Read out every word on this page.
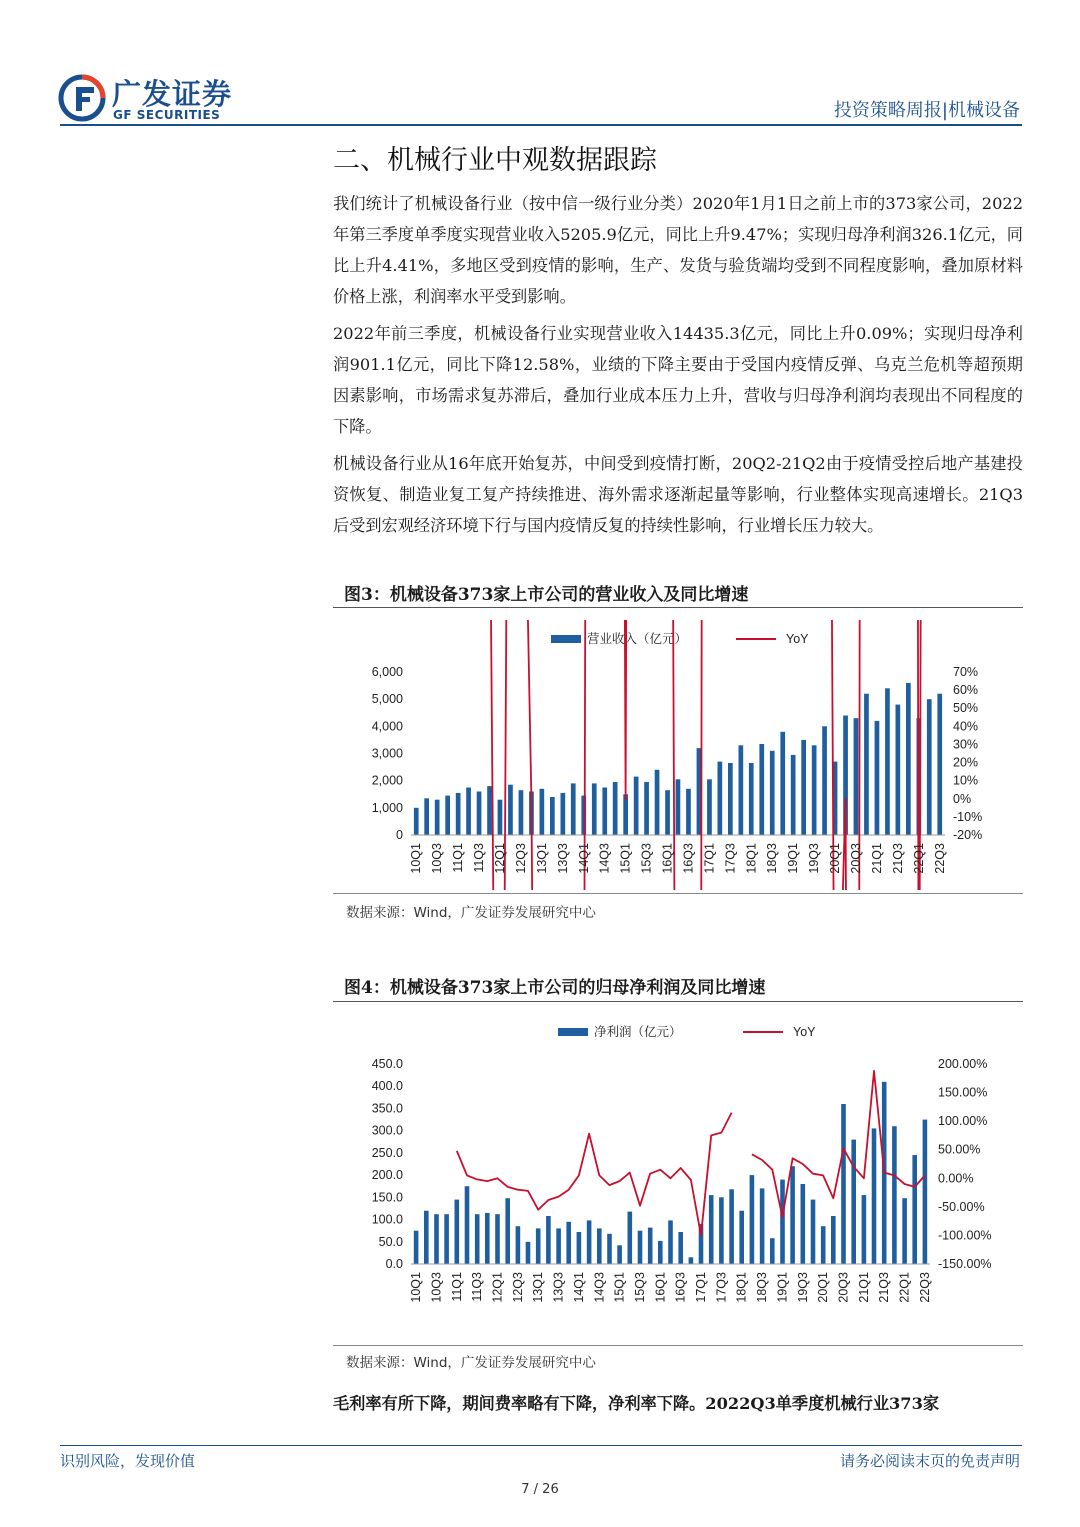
广发证券
GF SECURITIES	投资策略周报|机械设备
二、机械行业中观数据跟踪
我们统计了机械设备行业（按中信一级行业分类）2020年1月1日之前上市的373家公司，2022年第三季度单季度实现营业收入5205.9亿元，同比上升9.47%；实现归母净利润326.1亿元，同比上升4.41%，多地区受到疫情的影响，生产、发货与验货端均受到不同程度影响，叠加原材料价格上涨，利润率水平受到影响。
2022年前三季度，机械设备行业实现营业收入14435.3亿元，同比上升0.09%；实现归母净利润901.1亿元，同比下降12.58%，业绩的下降主要由于受国内疫情反弹、乌克兰危机等超预期因素影响，市场需求复苏滞后，叠加行业成本压力上升，营收与归母净利润均表现出不同程度的下降。
机械设备行业从16年底开始复苏，中间受到疫情打断，20Q2-21Q2由于疫情受控后地产基建投资恢复、制造业复工复产持续推进、海外需求逐渐起量等影响，行业整体实现高速增长。21Q3后受到宏观经济环境下行与国内疫情反复的持续性影响，行业增长压力较大。
图3：机械设备373家上市公司的营业收入及同比增速
营业收入（亿元）	YoY
0
1,000
2,000
3,000
4,000
5,000
6,000
-20%
-10%
0%
10%
20%
30%
40%
50%
60%
70%
10Q1 10Q3 11Q1 11Q3 12Q1 12Q3 13Q1 13Q3 14Q1 14Q3 15Q1 15Q3 16Q1 16Q3 17Q1 17Q3 18Q1 18Q3 19Q1 19Q3 20Q1 20Q3 21Q1 21Q3 22Q1 22Q3
数据来源：Wind，广发证券发展研究中心
图4：机械设备373家上市公司的归母净利润及同比增速
净利润（亿元）	YoY
0.0
50.0
100.0
150.0
200.0
250.0
300.0
350.0
400.0
450.0
-150.00%
-100.00%
-50.00%
0.00%
50.00%
100.00%
150.00%
200.00%
10Q1 10Q3 11Q1 11Q3 12Q1 12Q3 13Q1 13Q3 14Q1 14Q3 15Q1 15Q3 16Q1 16Q3 17Q1 17Q3 18Q1 18Q3 19Q1 19Q3 20Q1 20Q3 21Q1 21Q3 22Q1 22Q3
数据来源：Wind，广发证券发展研究中心
毛利率有所下降，期间费率略有下降，净利率下降。2022Q3单季度机械行业373家
识别风险，发现价值	请务必阅读末页的免责声明
7 / 26
